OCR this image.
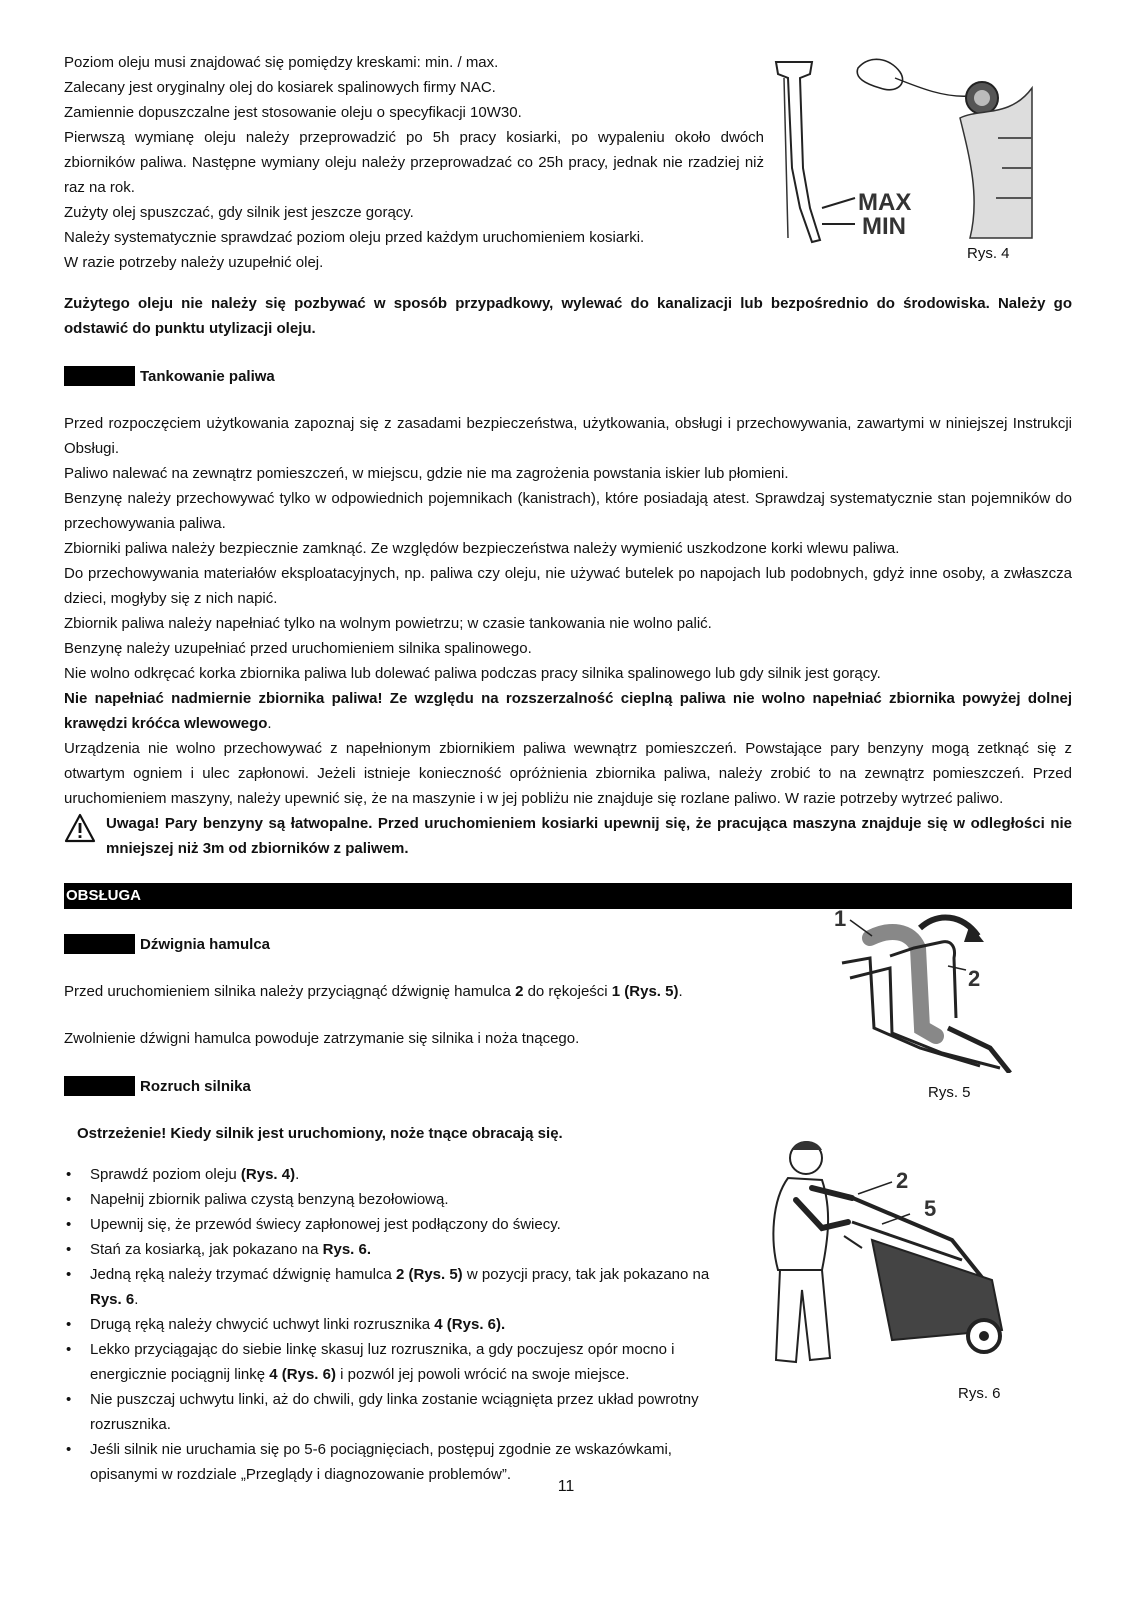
Poziom oleju musi znajdować się pomiędzy kreskami: min. / max.

Zalecany jest oryginalny olej do kosiarek spalinowych firmy NAC.

Zamiennie dopuszczalne jest stosowanie oleju o specyfikacji 10W30.

Pierwszą wymianę oleju należy przeprowadzić po 5h pracy kosiarki, po wypaleniu około dwóch zbiorników paliwa. Następne wymiany oleju należy przeprowadzać co 25h pracy, jednak nie rzadziej niż raz na rok.

Zużyty olej spuszczać, gdy silnik jest jeszcze gorący.

Należy systematycznie sprawdzać poziom oleju przed każdym uruchomieniem kosiarki.

W razie potrzeby należy uzupełnić olej.

Zużytego oleju nie należy się pozbywać w sposób przypadkowy, wylewać do kanalizacji lub bezpośrednio do środowiska. Należy go odstawić do punktu utylizacji oleju.

Tankowanie paliwa

Przed rozpoczęciem użytkowania zapoznaj się z zasadami bezpieczeństwa, użytkowania, obsługi i przechowywania, zawartymi w niniejszej Instrukcji Obsługi.

Paliwo nalewać na zewnątrz pomieszczeń, w miejscu, gdzie nie ma zagrożenia powstania iskier lub płomieni.

Benzynę należy przechowywać tylko w odpowiednich pojemnikach (kanistrach), które posiadają atest. Sprawdzaj systematycznie stan pojemników do przechowywania paliwa.

Zbiorniki paliwa należy bezpiecznie zamknąć. Ze względów bezpieczeństwa należy wymienić uszkodzone korki wlewu paliwa.

Do przechowywania materiałów eksploatacyjnych, np. paliwa czy oleju, nie używać butelek po napojach lub podobnych, gdyż inne osoby, a zwłaszcza dzieci, mogłyby się z nich napić.

Zbiornik paliwa należy napełniać tylko na wolnym powietrzu; w czasie tankowania nie wolno palić.

Benzynę należy uzupełniać przed uruchomieniem silnika spalinowego.

Nie wolno odkręcać korka zbiornika paliwa lub dolewać paliwa podczas pracy silnika spalinowego lub gdy silnik jest gorący.

Nie napełniać nadmiernie zbiornika paliwa! Ze względu na rozszerzalność cieplną paliwa nie wolno napełniać zbiornika powyżej dolnej krawędzi króćca wlewowego.

Urządzenia nie wolno przechowywać z napełnionym zbiornikiem paliwa wewnątrz pomieszczeń. Powstające pary benzyny mogą zetknąć się z otwartym ogniem i ulec zapłonowi. Jeżeli istnieje konieczność opróżnienia zbiornika paliwa, należy zrobić to na zewnątrz pomieszczeń. Przed uruchomieniem maszyny, należy upewnić się, że na maszynie i w jej pobliżu nie znajduje się rozlane paliwo. W razie potrzeby wytrzeć paliwo.

Uwaga! Pary benzyny są łatwopalne. Przed uruchomieniem kosiarki upewnij się, że pracująca maszyna znajduje się w odległości nie mniejszej niż 3m od zbiorników z paliwem.

OBSŁUGA
Dźwignia hamulca

Przed uruchomieniem silnika należy przyciągnąć dźwignię hamulca 2 do rękojeści 1 (Rys. 5).

Zwolnienie dźwigni hamulca powoduje zatrzymanie się silnika i noża tnącego.

Rozruch silnika

Ostrzeżenie! Kiedy silnik jest uruchomiony, noże tnące obracają się.

• Sprawdź poziom oleju (Rys. 4).
• Napełnij zbiornik paliwa czystą benzyną bezołowiową.
• Upewnij się, że przewód świecy zapłonowej jest podłączony do świecy.
• Stań za kosiarką, jak pokazano na Rys. 6.
• Jedną ręką należy trzymać dźwignię hamulca 2 (Rys. 5) w pozycji pracy, tak jak pokazano na Rys. 6.
• Drugą ręką należy chwycić uchwyt linki rozrusznika 4 (Rys. 6).
• Lekko przyciągając do siebie linkę skasuj luz rozrusznika, a gdy poczujesz opór mocno i energicznie pociągnij linkę 4 (Rys. 6) i pozwól jej powoli wrócić na swoje miejsce.
• Nie puszczaj uchwytu linki, aż do chwili, gdy linka zostanie wciągnięta przez układ powrotny rozrusznika.
• Jeśli silnik nie uruchamia się po 5-6 pociągnięciach, postępuj zgodnie ze wskazówkami, opisanymi w rozdziale „Przeglądy i diagnozowanie problemów”.
MAX
MIN
Rys. 4
1
2
Rys. 5
2
5
Rys. 6
11
